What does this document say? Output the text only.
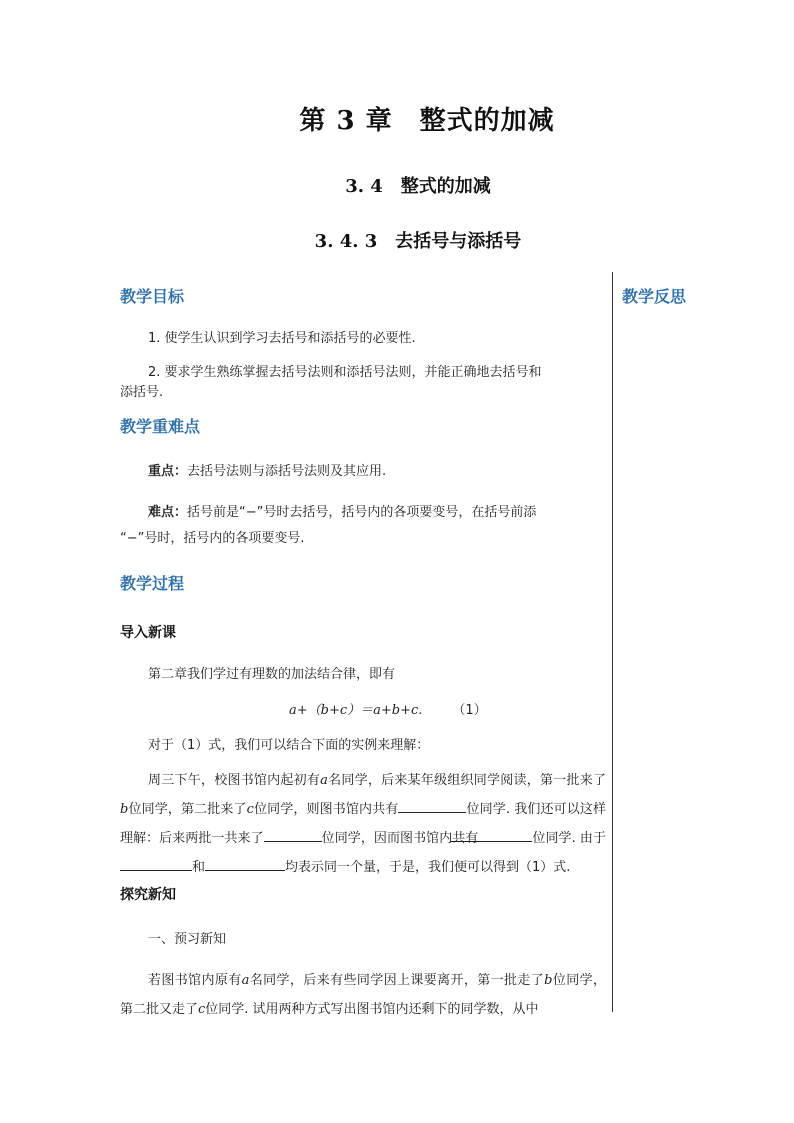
第 3 章　整式的加减
3. 4　整式的加减
3. 4. 3　去括号与添括号
教学反思
教学目标
1. 使学生认识到学习去括号和添括号的必要性.
2. 要求学生熟练掌握去括号法则和添括号法则，并能正确地去括号和
添括号.
教学重难点
重点：去括号法则与添括号法则及其应用.
难点：括号前是“−”号时去括号，括号内的各项要变号，在括号前添
“−”号时，括号内的各项要变号.
教学过程
导入新课
第二章我们学过有理数的加法结合律，即有
a+（b+c）＝a+b+c. （1）
对于（1）式，我们可以结合下面的实例来理解：
周三下午，校图书馆内起初有a名同学，后来某年级组织同学阅读，第一批来了b位同学，第二批来了c位同学，则图书馆内共有	位同学. 我们还可以这样理解：后来两批一共来了	位同学，因而图书馆内共有	位同学. 由于和	均表示同一个量，于是，我们便可以得到（1）式.
探究新知
一、预习新知
若图书馆内原有a名同学，后来有些同学因上课要离开，第一批走了b位同学，第二批又走了c位同学. 试用两种方式写出图书馆内还剩下的同学数，从中
